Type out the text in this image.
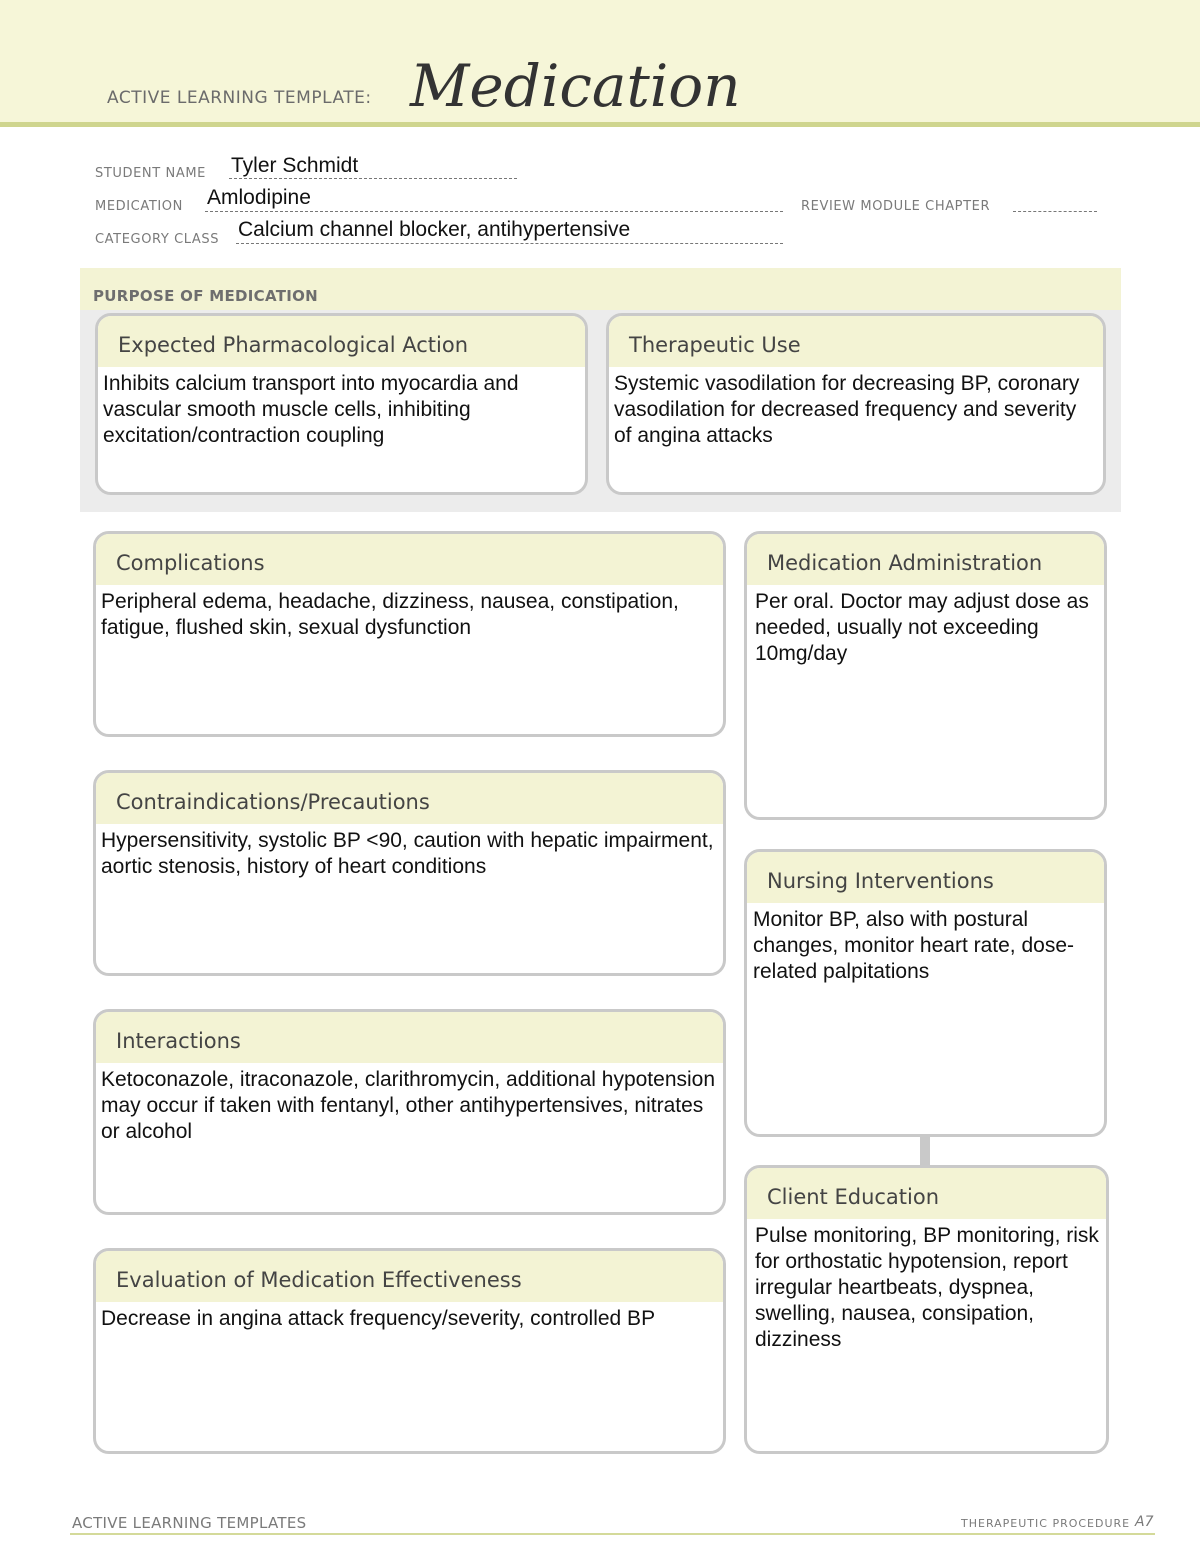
ACTIVE LEARNING TEMPLATE: Medication
STUDENT NAME Tyler Schmidt
MEDICATION Amlodipine	REVIEW MODULE CHAPTER
CATEGORY CLASS Calcium channel blocker, antihypertensive
PURPOSE OF MEDICATION
Expected Pharmacological Action
Inhibits calcium transport into myocardia and vascular smooth muscle cells, inhibiting excitation/contraction coupling
Therapeutic Use
Systemic vasodilation for decreasing BP, coronary vasodilation for decreased frequency and severity of angina attacks
Complications
Peripheral edema, headache, dizziness, nausea, constipation, fatigue, flushed skin, sexual dysfunction
Contraindications/Precautions
Hypersensitivity, systolic BP <90, caution with hepatic impairment, aortic stenosis, history of heart conditions
Interactions
Ketoconazole, itraconazole, clarithromycin, additional hypotension may occur if taken with fentanyl, other antihypertensives, nitrates or alcohol
Evaluation of Medication Effectiveness
Decrease in angina attack frequency/severity, controlled BP
Medication Administration
Per oral. Doctor may adjust dose as needed, usually not exceeding 10mg/day
Nursing Interventions
Monitor BP, also with postural changes, monitor heart rate, dose-related palpitations
Client Education
Pulse monitoring, BP monitoring, risk for orthostatic hypotension, report irregular heartbeats, dyspnea, swelling, nausea, consipation, dizziness
ACTIVE LEARNING TEMPLATES	THERAPEUTIC PROCEDURE A7
